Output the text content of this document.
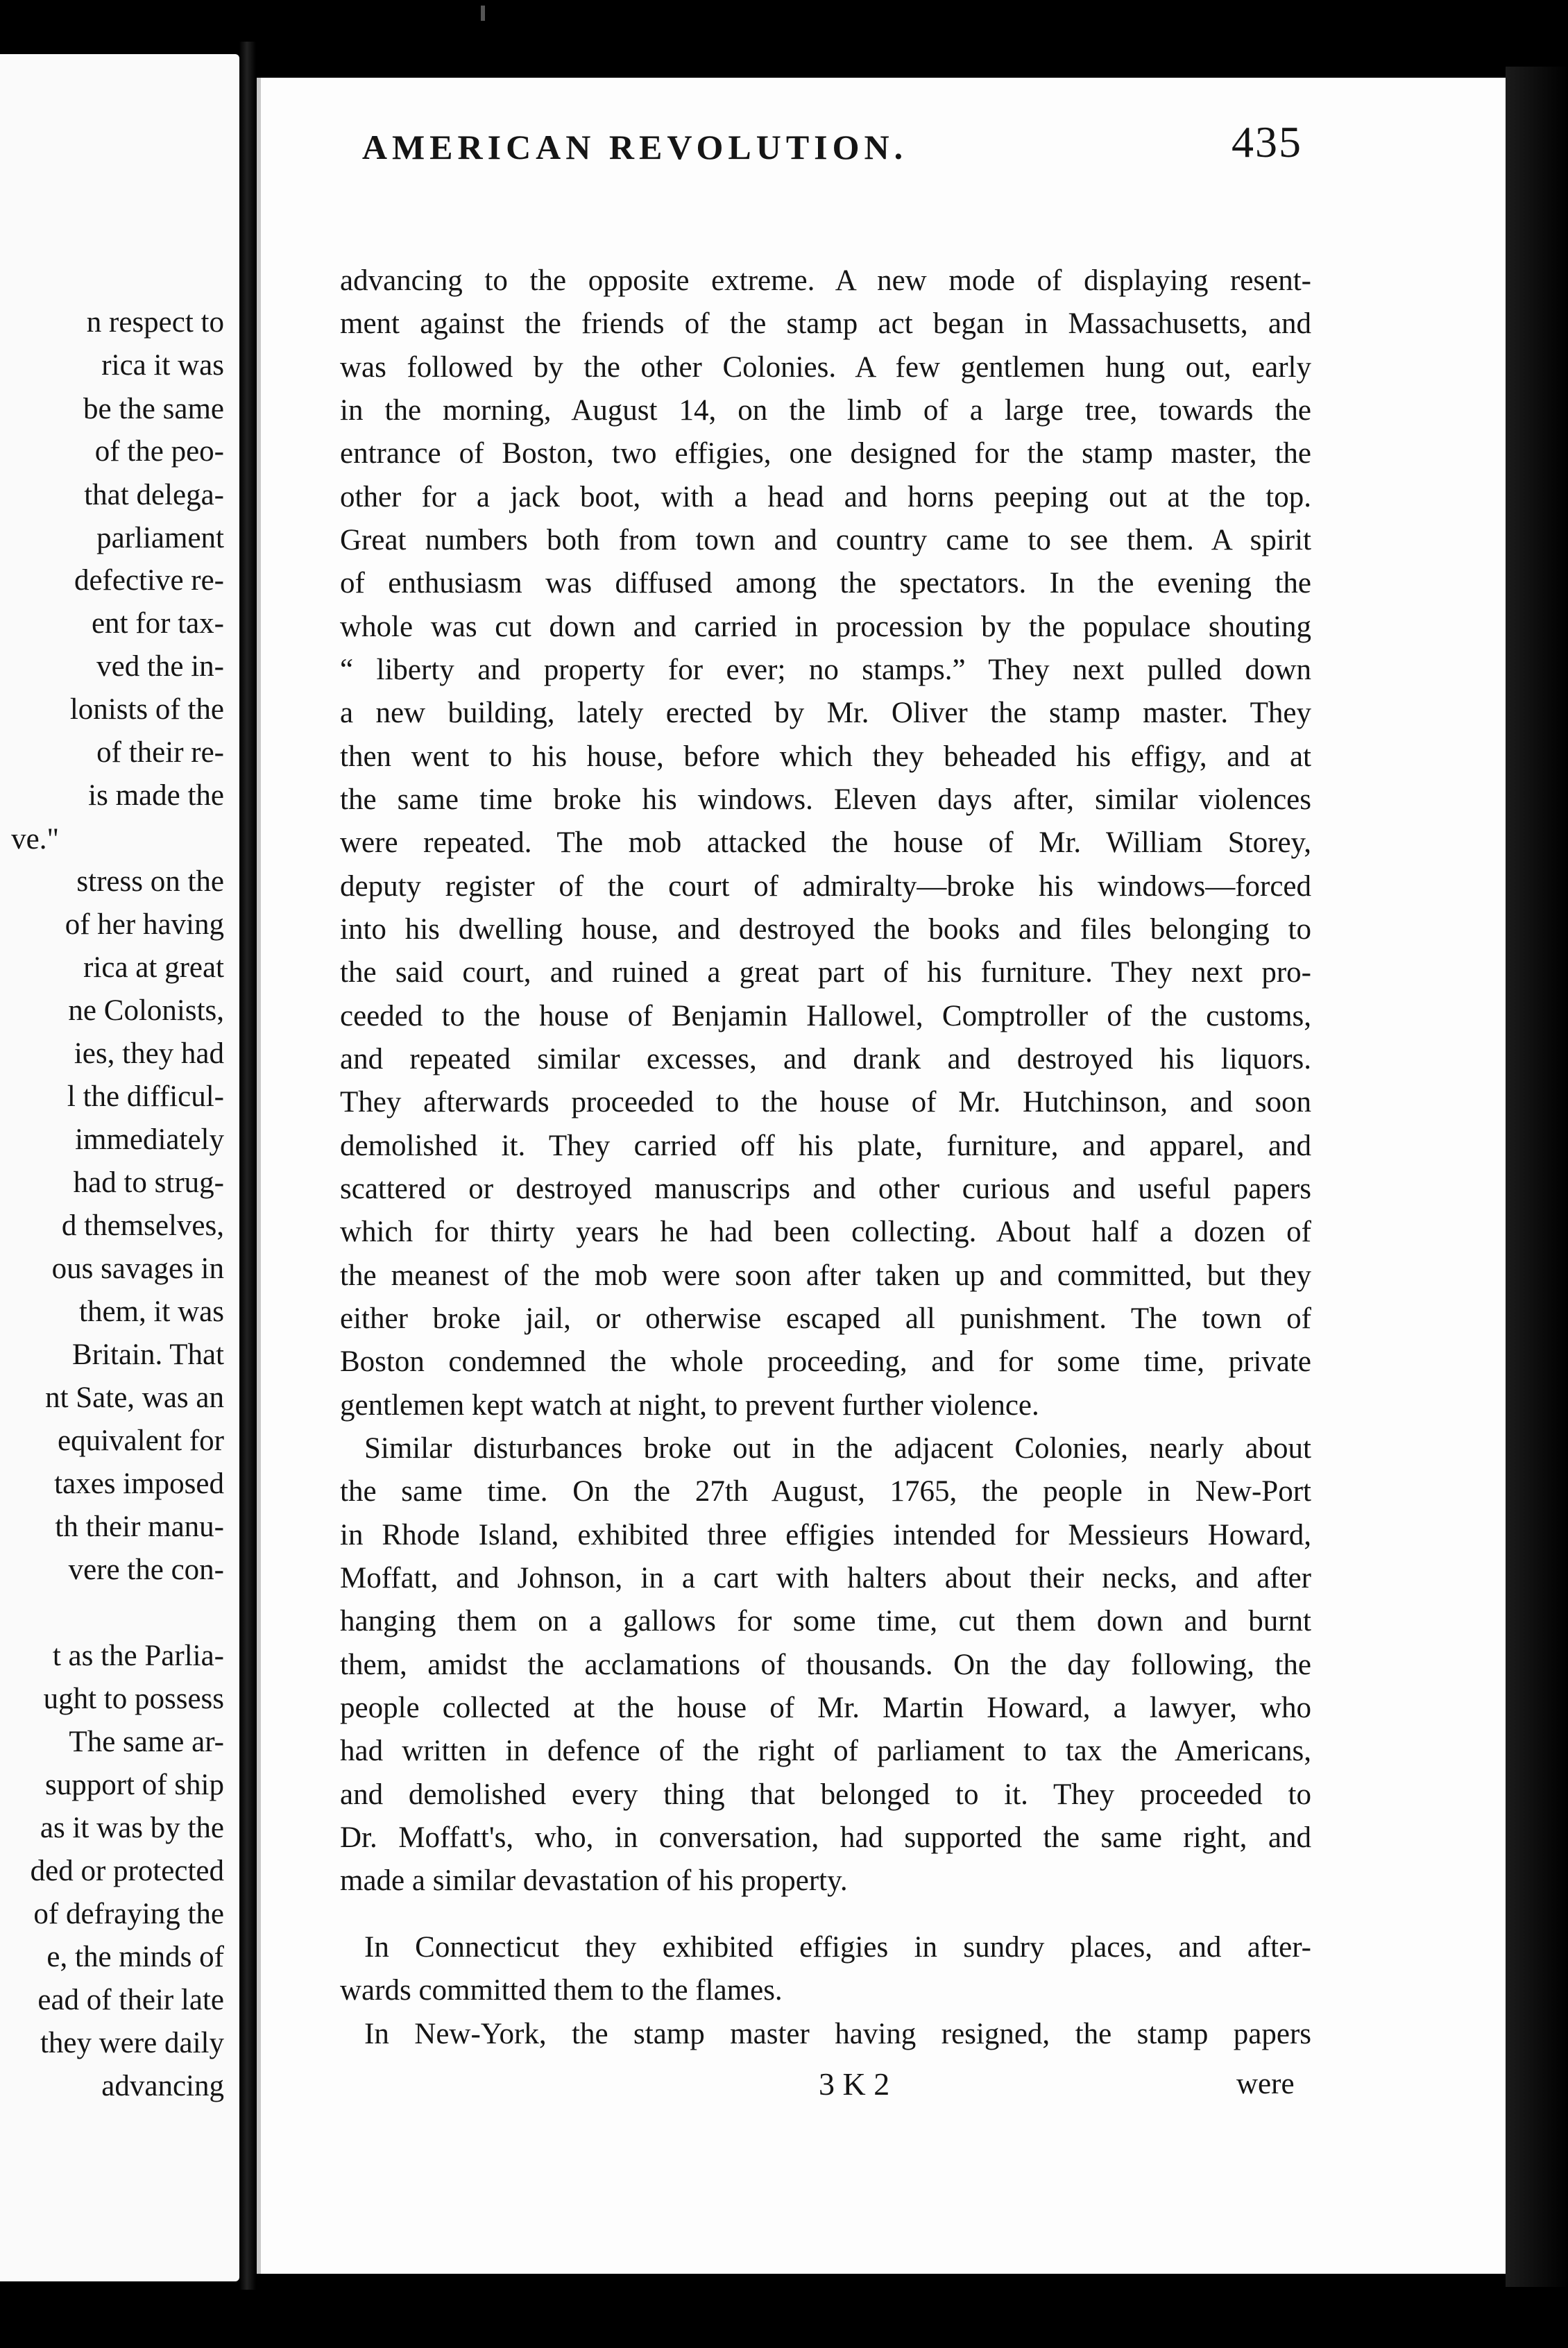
n respect to
rica it was
be the same
of the peo-
that delega-
parliament
defective re-
ent for tax-
ved the in-
lonists of the
of their re-
is made the
ve."
stress on the
of her having
rica at great
ne Colonists,
ies, they had
l the difficul-
immediately
had to strug-
d themselves,
ous savages in
them, it was
Britain. That
nt Sate, was an
equivalent for
taxes imposed
th their manu-
vere the con-
t as the Parlia-
ught to possess
The same ar-
support of ship
as it was by the
ded or protected
of defraying the
e, the minds of
ead of their late
they were daily
advancing
AMERICAN REVOLUTION.	435
advancing to the opposite extreme. A new mode of displaying resent-
ment against the friends of the stamp act began in Massachusetts, and
was followed by the other Colonies. A few gentlemen hung out, early
in the morning, August 14, on the limb of a large tree, towards the
entrance of Boston, two effigies, one designed for the stamp master, the
other for a jack boot, with a head and horns peeping out at the top.
Great numbers both from town and country came to see them. A spirit
of enthusiasm was diffused among the spectators. In the evening the
whole was cut down and carried in procession by the populace shouting
“ liberty and property for ever; no stamps.” They next pulled down
a new building, lately erected by Mr. Oliver the stamp master. They
then went to his house, before which they beheaded his effigy, and at
the same time broke his windows. Eleven days after, similar violences
were repeated. The mob attacked the house of Mr. William Storey,
deputy register of the court of admiralty—broke his windows—forced
into his dwelling house, and destroyed the books and files belonging to
the said court, and ruined a great part of his furniture. They next pro-
ceeded to the house of Benjamin Hallowel, Comptroller of the customs,
and repeated similar excesses, and drank and destroyed his liquors.
They afterwards proceeded to the house of Mr. Hutchinson, and soon
demolished it. They carried off his plate, furniture, and apparel, and
scattered or destroyed manuscrips and other curious and useful papers
which for thirty years he had been collecting. About half a dozen of
the meanest of the mob were soon after taken up and committed, but they
either broke jail, or otherwise escaped all punishment. The town of
Boston condemned the whole proceeding, and for some time, private
gentlemen kept watch at night, to prevent further violence.
Similar disturbances broke out in the adjacent Colonies, nearly about
the same time. On the 27th August, 1765, the people in New-Port
in Rhode Island, exhibited three effigies intended for Messieurs Howard,
Moffatt, and Johnson, in a cart with halters about their necks, and after
hanging them on a gallows for some time, cut them down and burnt
them, amidst the acclamations of thousands. On the day following, the
people collected at the house of Mr. Martin Howard, a lawyer, who
had written in defence of the right of parliament to tax the Americans,
and demolished every thing that belonged to it. They proceeded to
Dr. Moffatt's, who, in conversation, had supported the same right, and
made a similar devastation of his property.
In Connecticut they exhibited effigies in sundry places, and after-
wards committed them to the flames.
In New-York, the stamp master having resigned, the stamp papers
3 K 2	were
